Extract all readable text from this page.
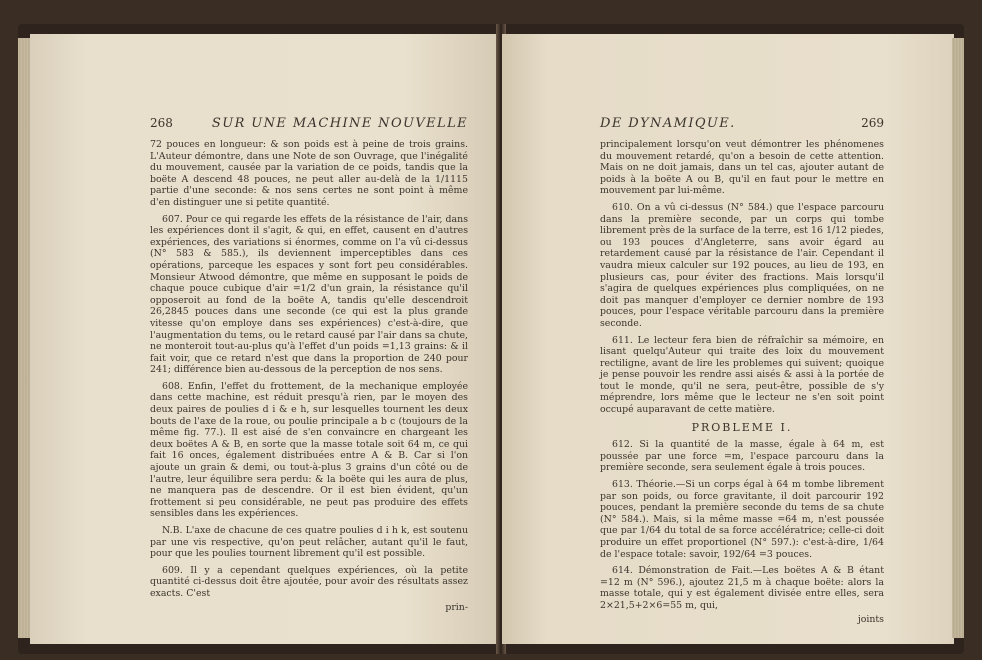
268	SUR UNE MACHINE NOUVELLE

72 pouces en longueur: & son poids est à peine de trois grains. L'Auteur démontre, dans une Note de son Ouvrage, que l'inégalité du mouvement, causée par la variation de ce poids, tandis que la boëte A descend 48 pouces, ne peut aller au-delà de la 1/1115 partie d'une seconde: & nos sens certes ne sont point à même d'en distinguer une si petite quantité.

607. Pour ce qui regarde les effets de la résistance de l'air, dans les expériences dont il s'agit, & qui, en effet, causent en d'autres expériences, des variations si énormes, comme on l'a vû ci-dessus (N° 583 & 585.), ils deviennent imperceptibles dans ces opérations, parceque les espaces y sont fort peu considérables. Monsieur Atwood démontre, que même en supposant le poids de chaque pouce cubique d'air =1/2 d'un grain, la résistance qu'il opposeroit au fond de la boëte A, tandis qu'elle descendroit 26,2845 pouces dans une seconde (ce qui est la plus grande vitesse qu'on employe dans ses expériences) c'est-à-dire, que l'augmentation du tems, ou le retard causé par l'air dans sa chute, ne monteroit tout-au-plus qu'à l'effet d'un poids =1,13 grains: & il fait voir, que ce retard n'est que dans la proportion de 240 pour 241; différence bien au-dessous de la perception de nos sens.

608. Enfin, l'effet du frottement, de la mechanique employée dans cette machine, est réduit presqu'à rien, par le moyen des deux paires de poulies d i & e h, sur lesquelles tournent les deux bouts de l'axe de la roue, ou poulie principale a b c (toujours de la même fig. 77.). Il est aisé de s'en convaincre en chargeant les deux boëtes A & B, en sorte que la masse totale soit 64 m, ce qui fait 16 onces, également distribuées entre A & B. Car si l'on ajoute un grain & demi, ou tout-à-plus 3 grains d'un côté ou de l'autre, leur équilibre sera perdu: & la boëte qui les aura de plus, ne manquera pas de descendre. Or il est bien évident, qu'un frottement si peu considérable, ne peut pas produire des effets sensibles dans les expériences.

N.B. L'axe de chacune de ces quatre poulies d i h k, est soutenu par une vis respective, qu'on peut relâcher, autant qu'il le faut, pour que les poulies tournent librement qu'il est possible.

609. Il y a cependant quelques expériences, où la petite quantité ci-dessus doit être ajoutée, pour avoir des résultats assez exacts. C'est

prin-
DE DYNAMIQUE.	269

principalement lorsqu'on veut démontrer les phénomenes du mouvement retardé, qu'on a besoin de cette attention. Mais on ne doit jamais, dans un tel cas, ajouter autant de poids à la boëte A ou B, qu'il en faut pour le mettre en mouvement par lui-même.

610. On a vû ci-dessus (N° 584.) que l'espace parcouru dans la première seconde, par un corps qui tombe librement près de la surface de la terre, est 16 1/12 piedes, ou 193 pouces d'Angleterre, sans avoir égard au retardement causé par la résistance de l'air. Cependant il vaudra mieux calculer sur 192 pouces, au lieu de 193, en plusieurs cas, pour éviter des fractions. Mais lorsqu'il s'agira de quelques expériences plus compliquées, on ne doit pas manquer d'employer ce dernier nombre de 193 pouces, pour l'espace véritable parcouru dans la première seconde.

611. Le lecteur fera bien de réfraîchir sa mémoire, en lisant quelqu'Auteur qui traite des loix du mouvement rectiligne, avant de lire les problemes qui suivent; quoique je pense pouvoir les rendre assi aisés & assi à la portée de tout le monde, qu'il ne sera, peut-être, possible de s'y méprendre, lors même que le lecteur ne s'en soit point occupé auparavant de cette matière.

PROBLEME I.

612. Si la quantité de la masse, égale à 64 m, est poussée par une force =m, l'espace parcouru dans la première seconde, sera seulement égale à trois pouces.

613. Théorie.—Si un corps égal à 64 m tombe librement par son poids, ou force gravitante, il doit parcourir 192 pouces, pendant la première seconde du tems de sa chute (N° 584.). Mais, si la même masse =64 m, n'est poussée que par 1/64 du total de sa force accélératrice; celle-ci doit produire un effet proportionel (N° 597.): c'est-à-dire, 1/64 de l'espace totale: savoir, 192/64 =3 pouces.

614. Démonstration de Fait.—Les boëtes A & B étant =12 m (N° 596.), ajoutez 21,5 m à chaque boëte: alors la masse totale, qui y est également divisée entre elles, sera 2×21,5+2×6=55 m, qui,

joints
